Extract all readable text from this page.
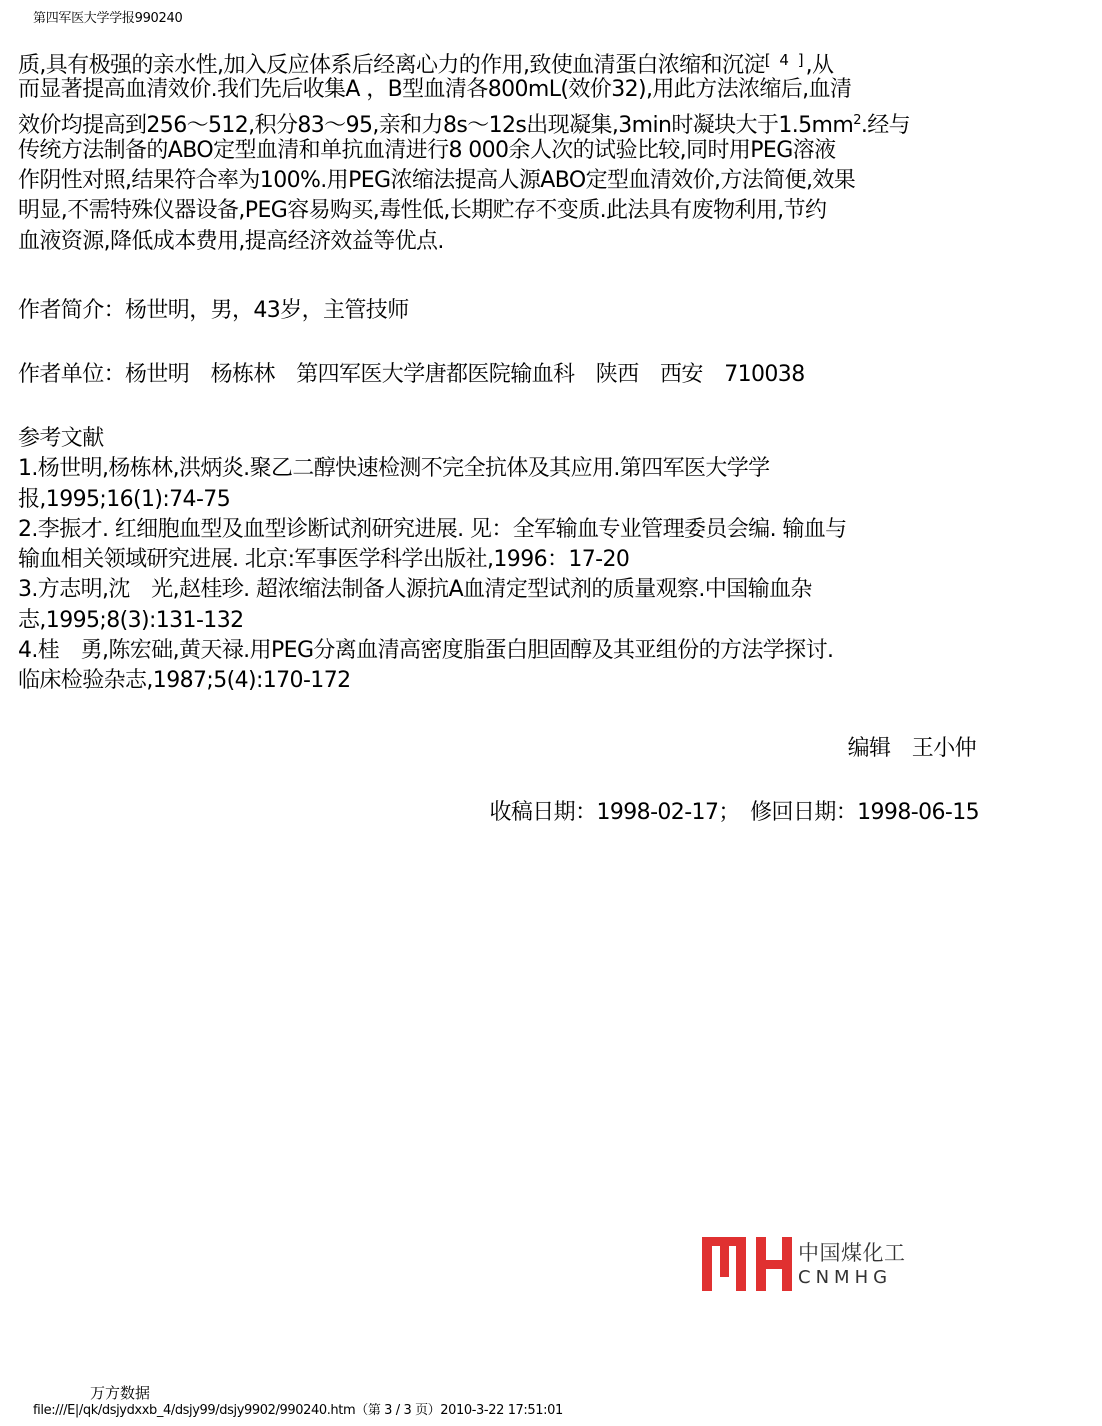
第四军医大学学报990240
质,具有极强的亲水性,加入反应体系后经离心力的作用,致使血清蛋白浓缩和沉淀[ 4 ],从
而显著提高血清效价.我们先后收集A ，B型血清各800mL(效价32),用此方法浓缩后,血清
效价均提高到256～512,积分83～95,亲和力8s～12s出现凝集,3min时凝块大于$1.5mm^2$.经与
传统方法制备的ABO定型血清和单抗血清进行8 000余人次的试验比较,同时用PEG溶液
作阴性对照,结果符合率为100%.用PEG浓缩法提高人源ABO定型血清效价,方法简便,效果
明显,不需特殊仪器设备,PEG容易购买,毒性低,长期贮存不变质.此法具有废物利用,节约
血液资源,降低成本费用,提高经济效益等优点.
作者简介：杨世明，男，43岁，主管技师
作者单位：杨世明　杨栋林　第四军医大学唐都医院输血科　陕西　西安　710038
参考文献
1.杨世明,杨栋林,洪炳炎.聚乙二醇快速检测不完全抗体及其应用.第四军医大学学
报,1995;16(1):74-75
2.李振才. 红细胞血型及血型诊断试剂研究进展. 见：全军输血专业管理委员会编. 输血与
输血相关领域研究进展. 北京:军事医学科学出版社,1996：17-20
3.方志明,沈　光,赵桂珍. 超浓缩法制备人源抗A血清定型试剂的质量观察.中国输血杂
志,1995;8(3):131-132
4.桂　勇,陈宏础,黄天禄.用PEG分离血清高密度脂蛋白胆固醇及其亚组份的方法学探讨.
临床检验杂志,1987;5(4):170-172
编辑　王小仲
收稿日期：1998-02-17；　修回日期：1998-06-15
中国煤化工
CNMHG
万方数据
file:///E|/qk/dsjydxxb_4/dsjy99/dsjy9902/990240.htm（第 3 / 3 页）2010-3-22 17:51:01
